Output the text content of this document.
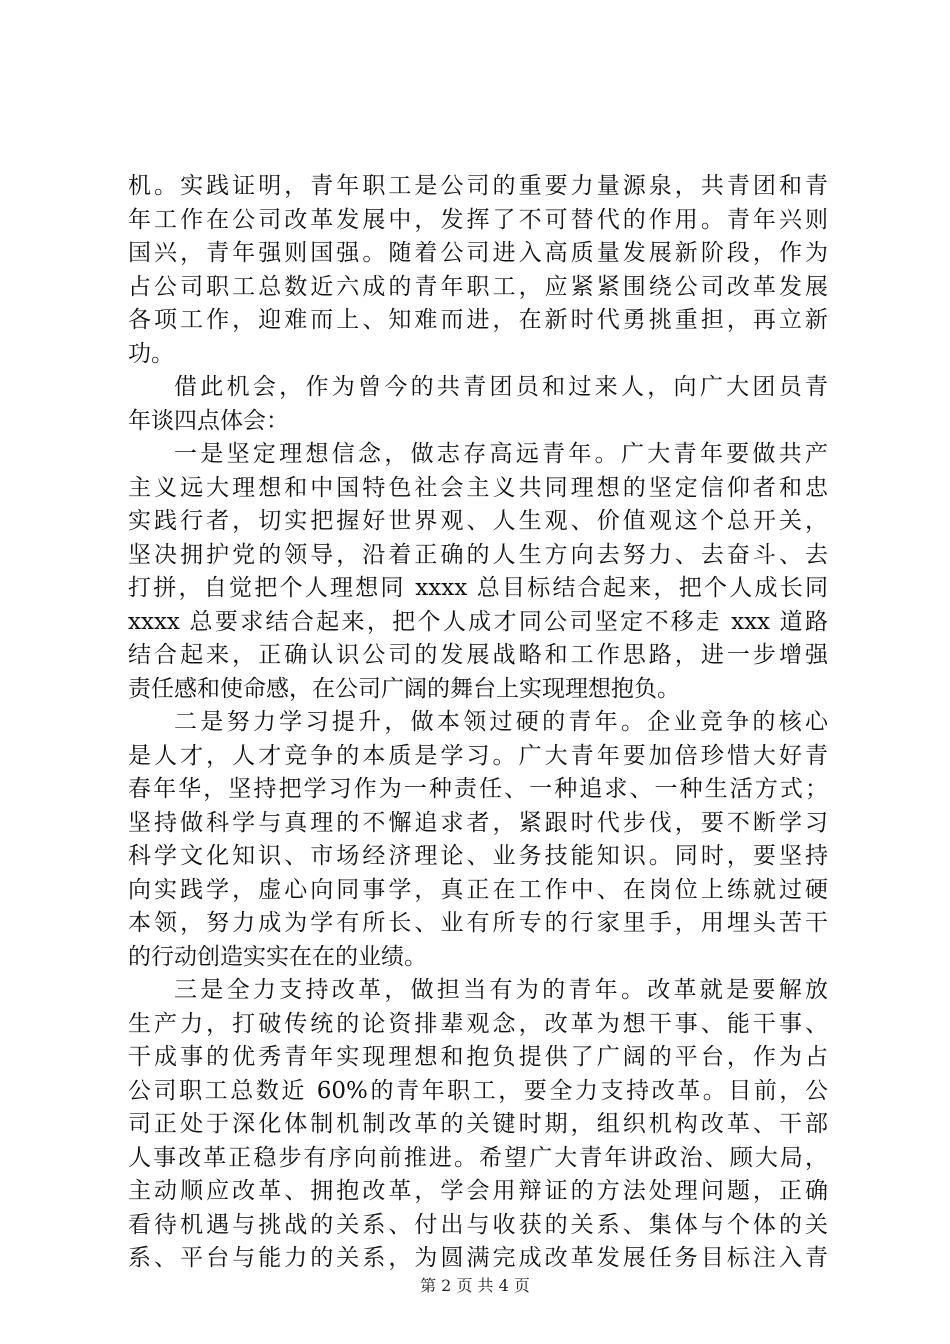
机。实践证明，青年职工是公司的重要力量源泉，共青团和青
年工作在公司改革发展中，发挥了不可替代的作用。青年兴则
国兴，青年强则国强。随着公司进入高质量发展新阶段，作为
占公司职工总数近六成的青年职工，应紧紧围绕公司改革发展
各项工作，迎难而上、知难而进，在新时代勇挑重担，再立新
功。
借此机会，作为曾今的共青团员和过来人，向广大团员青
年谈四点体会：
一是坚定理想信念，做志存高远青年。广大青年要做共产
主义远大理想和中国特色社会主义共同理想的坚定信仰者和忠
实践行者，切实把握好世界观、人生观、价值观这个总开关，
坚决拥护党的领导，沿着正确的人生方向去努力、去奋斗、去
打拼，自觉把个人理想同 xxxx 总目标结合起来，把个人成长同
xxxx 总要求结合起来，把个人成才同公司坚定不移走 xxx 道路
结合起来，正确认识公司的发展战略和工作思路，进一步增强
责任感和使命感，在公司广阔的舞台上实现理想抱负。
二是努力学习提升，做本领过硬的青年。企业竞争的核心
是人才，人才竞争的本质是学习。广大青年要加倍珍惜大好青
春年华，坚持把学习作为一种责任、一种追求、一种生活方式；
坚持做科学与真理的不懈追求者，紧跟时代步伐，要不断学习
科学文化知识、市场经济理论、业务技能知识。同时，要坚持
向实践学，虚心向同事学，真正在工作中、在岗位上练就过硬
本领，努力成为学有所长、业有所专的行家里手，用埋头苦干
的行动创造实实在在的业绩。
三是全力支持改革，做担当有为的青年。改革就是要解放
生产力，打破传统的论资排辈观念，改革为想干事、能干事、
干成事的优秀青年实现理想和抱负提供了广阔的平台，作为占
公司职工总数近 60%的青年职工，要全力支持改革。目前，公
司正处于深化体制机制改革的关键时期，组织机构改革、干部
人事改革正稳步有序向前推进。希望广大青年讲政治、顾大局，
主动顺应改革、拥抱改革，学会用辩证的方法处理问题，正确
看待机遇与挑战的关系、付出与收获的关系、集体与个体的关
系、平台与能力的关系，为圆满完成改革发展任务目标注入青
第 2 页 共 4 页
